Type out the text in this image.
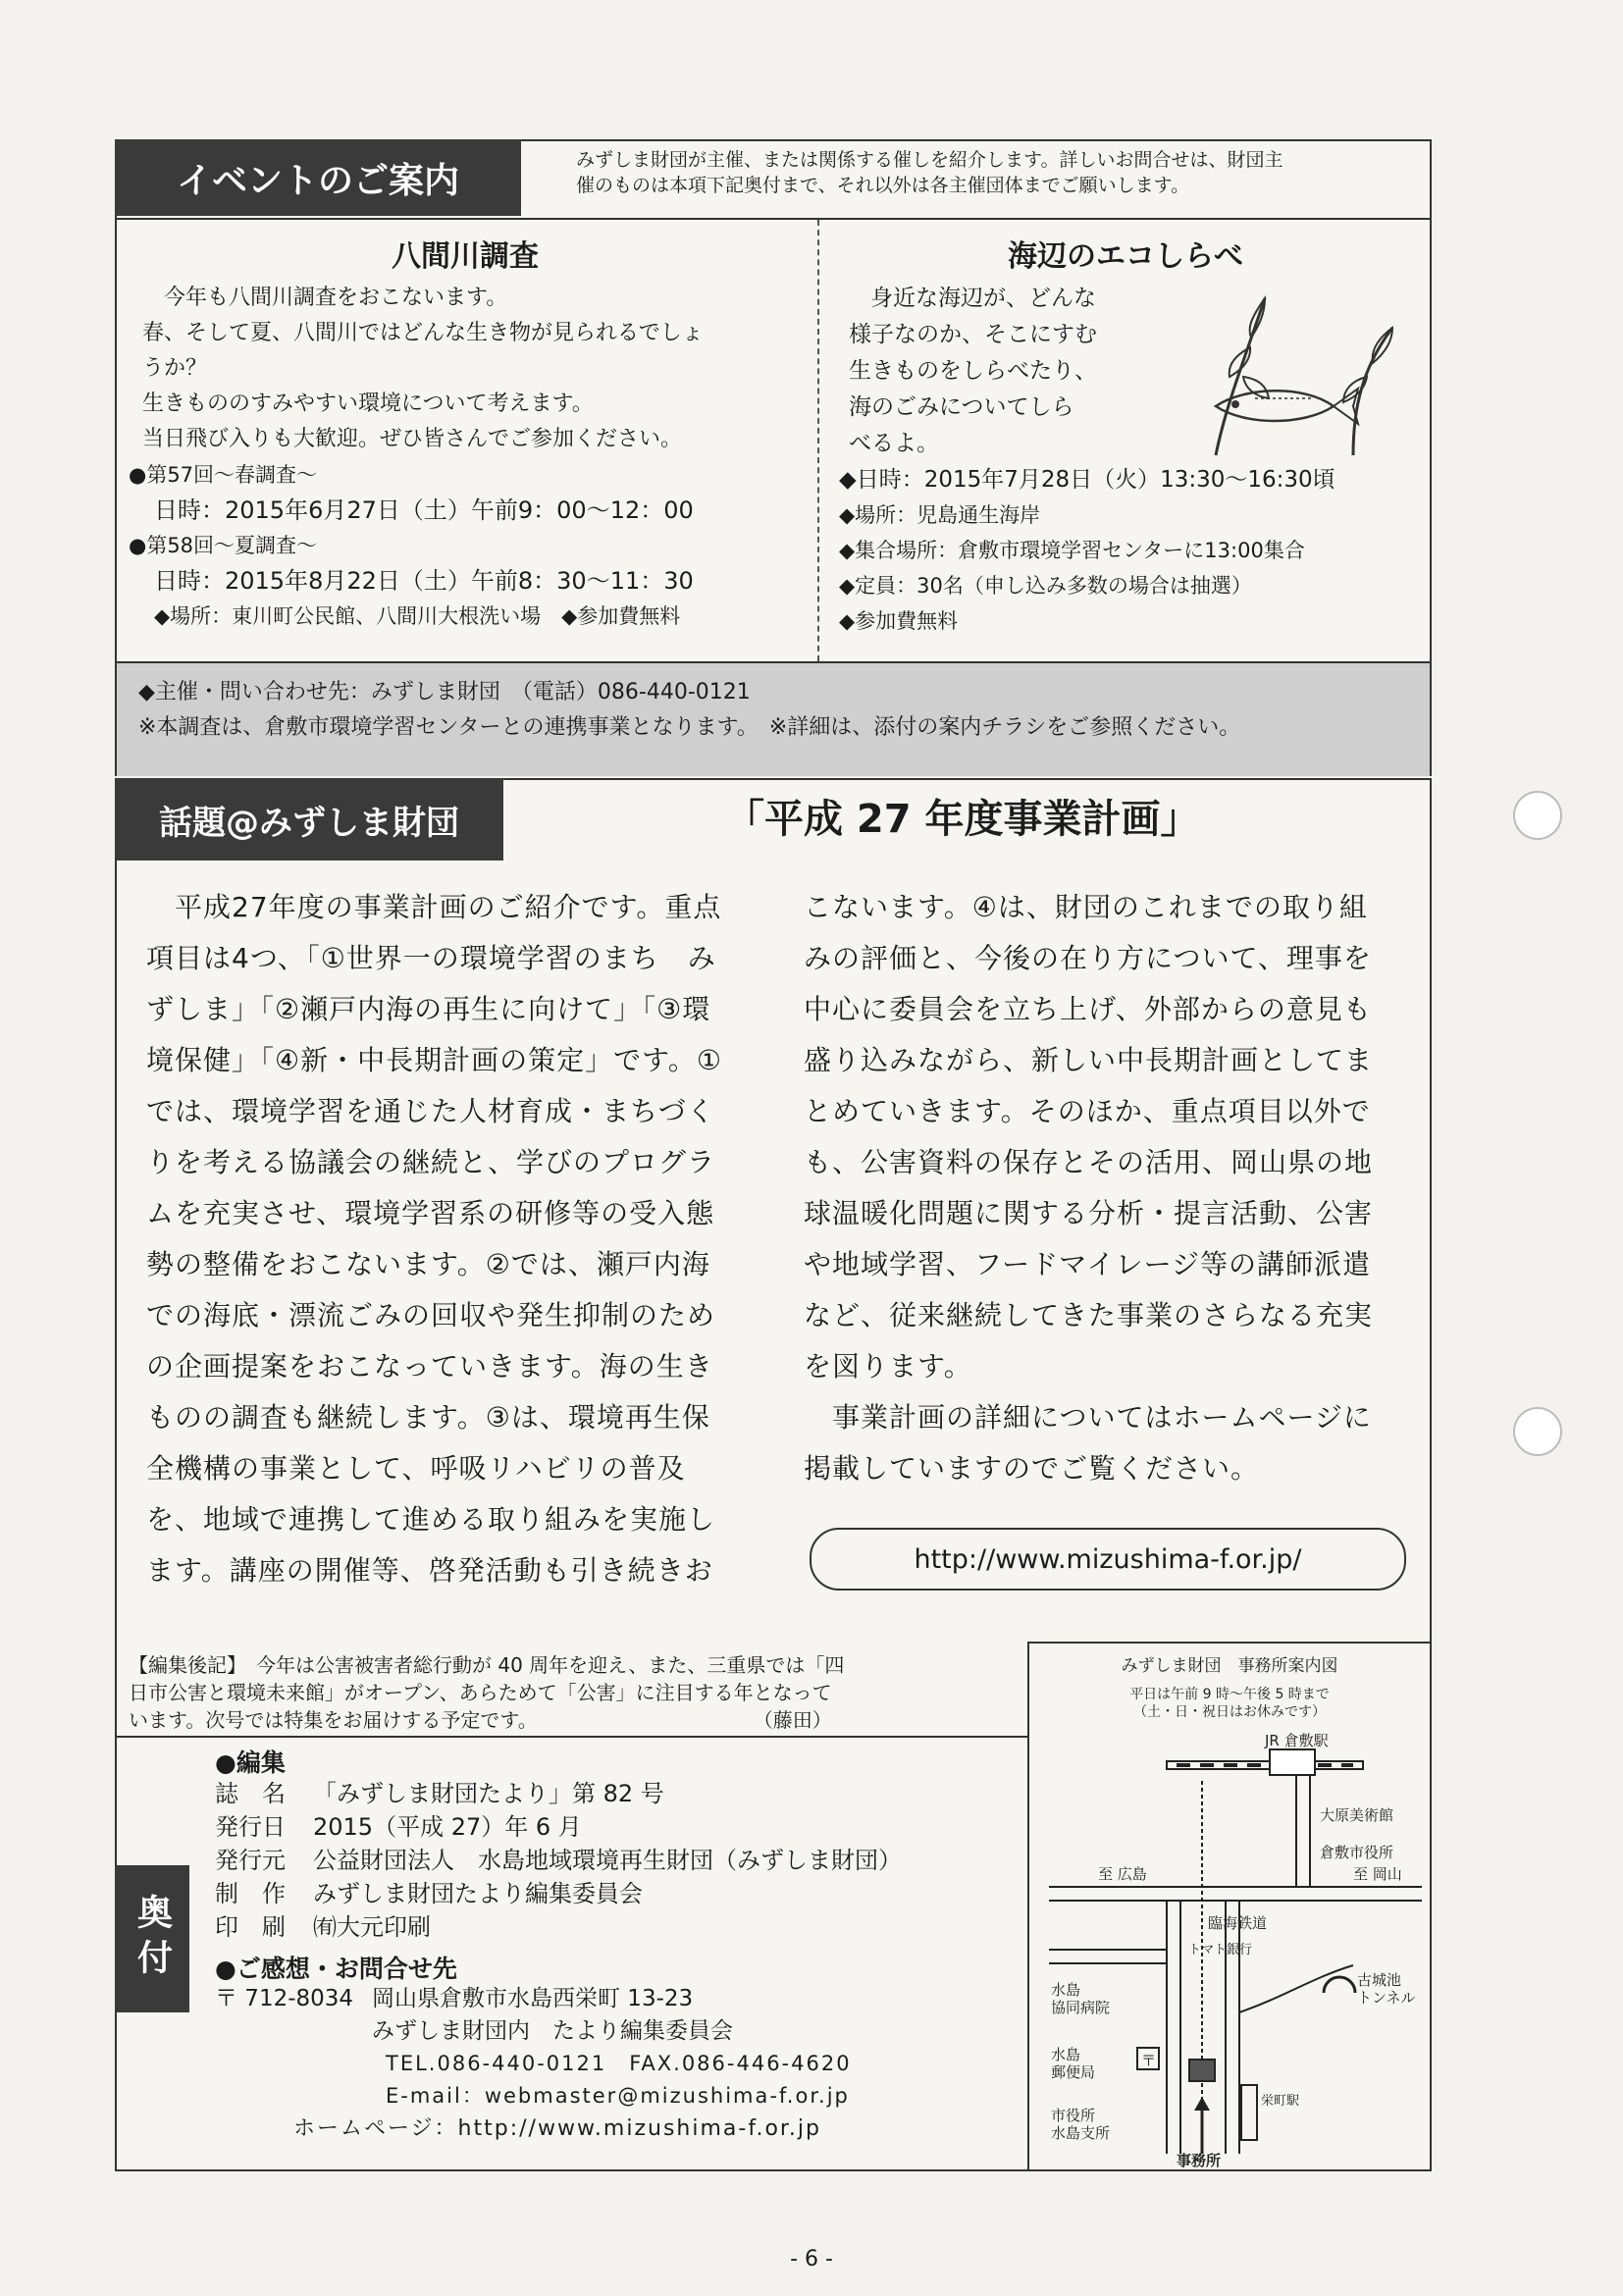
イベントのご案内
みずしま財団が主催、または関係する催しを紹介します。詳しいお問合せは、財団主
催のものは本項下記奥付まで、それ以外は各主催団体までご願いします。
八間川調査
今年も八間川調査をおこないます。
春、そして夏、八間川ではどんな生き物が見られるでしょ
うか？
生きもののすみやすい環境について考えます。
当日飛び入りも大歓迎。ぜひ皆さんでご参加ください。
●第57回〜春調査〜
日時：2015年6月27日（土）午前9：00〜12：00
●第58回〜夏調査〜
日時：2015年8月22日（土）午前8：30〜11：30
◆場所：東川町公民館、八間川大根洗い場　◆参加費無料
海辺のエコしらべ
身近な海辺が、どんな
様子なのか、そこにすむ
生きものをしらべたり、
海のごみについてしら
べるよ。
◆日時：2015年7月28日（火）13:30〜16:30頃
◆場所：児島通生海岸
◆集合場所：倉敷市環境学習センターに13:00集合
◆定員：30名（申し込み多数の場合は抽選）
◆参加費無料
◆主催・問い合わせ先：みずしま財団　（電話）086-440-0121
※本調査は、倉敷市環境学習センターとの連携事業となります。　※詳細は、添付の案内チラシをご参照ください。
話題@みずしま財団	「平成 27 年度事業計画」
　平成27年度の事業計画のご紹介です。重点
項目は4つ、「①世界一の環境学習のまち　み
ずしま」「②瀬戸内海の再生に向けて」「③環
境保健」「④新・中長期計画の策定」です。①
では、環境学習を通じた人材育成・まちづく
りを考える協議会の継続と、学びのプログラ
ムを充実させ、環境学習系の研修等の受入態
勢の整備をおこないます。②では、瀬戸内海
での海底・漂流ごみの回収や発生抑制のため
の企画提案をおこなっていきます。海の生き
ものの調査も継続します。③は、環境再生保
全機構の事業として、呼吸リハビリの普及
を、地域で連携して進める取り組みを実施し
ます。講座の開催等、啓発活動も引き続きお
こないます。④は、財団のこれまでの取り組
みの評価と、今後の在り方について、理事を
中心に委員会を立ち上げ、外部からの意見も
盛り込みながら、新しい中長期計画としてま
とめていきます。そのほか、重点項目以外で
も、公害資料の保存とその活用、岡山県の地
球温暖化問題に関する分析・提言活動、公害
や地域学習、フードマイレージ等の講師派遣
など、従来継続してきた事業のさらなる充実
を図ります。
　事業計画の詳細についてはホームページに
掲載していますのでご覧ください。
http://www.mizushima-f.or.jp/
【編集後記】　今年は公害被害者総行動が 40 周年を迎え、また、三重県では「四
日市公害と環境未来館」がオープン、あらためて「公害」に注目する年となって
います。次号では特集をお届けする予定です。　　　　　　　　　　　　（藤田）
奥付
●編集
誌　名 「みずしま財団たより」第 82 号
発行日 2015（平成 27）年 6 月
発行元 公益財団法人　水島地域環境再生財団（みずしま財団）
制　作 みずしま財団たより編集委員会
印　刷 ㈲大元印刷
●ご感想・お問合せ先
〒 712-8034 岡山県倉敷市水島西栄町 13-23
みずしま財団内　たより編集委員会
TEL.086-440-0121　FAX.086-446-4620
E-mail：webmaster@mizushima-f.or.jp
ホームページ：http://www.mizushima-f.or.jp
みずしま財団　事務所案内図
平日は午前 9 時〜午後 5 時まで
（土・日・祝日はお休みです）
JR 倉敷駅
至 広島	至 岡山
大原美術館
倉敷市役所
臨海鉄道
古城池
トンネル
トマト銀行
水島
協同病院
水島
郵便局
〒
市役所
水島支所
事務所
栄町駅
- 6 -
